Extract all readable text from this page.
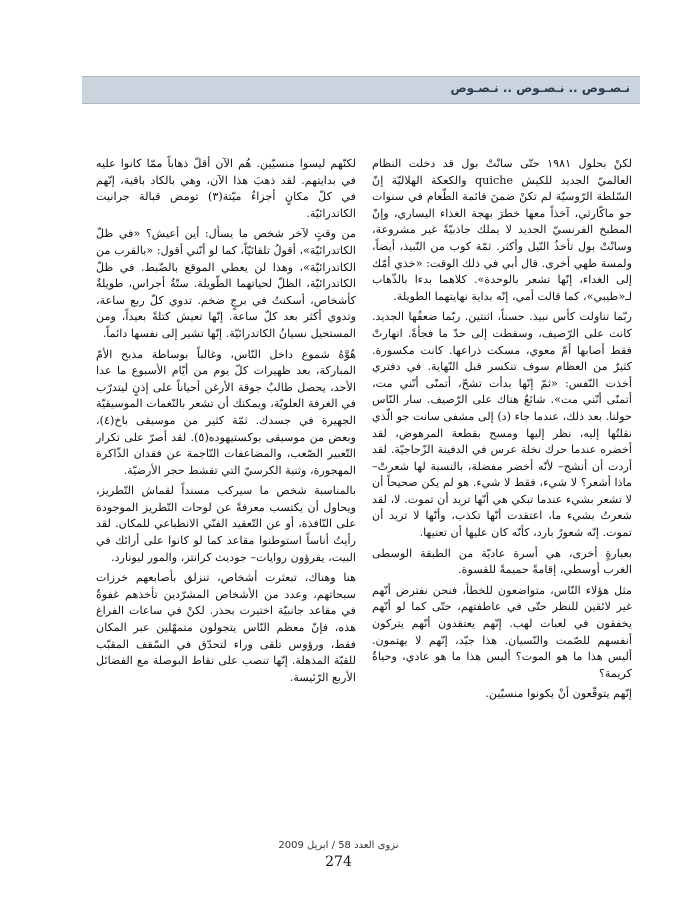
نـصـوص .. نـصـوص .. نـصـوص

لكنْ بحلول ١٩٨١ حتّى سانْتْ بول قد دخلت النظام العالميّ الجديد للكيش quiche والكعكة الهلاليّة إنّ السّلطة الرّوسيّة لم تكنْ ضمنَ قائمة الطّعام في سنوات جو ماكّارثي، آخذاً معها خطرَ بهجة الغذاء اليساري، وإنّ المطبخ الفرنسيّ الجديد لا يملك جاذبيّةً غير مشروعة، وسانْتْ بول تأخذُ النّيل وأكثر. ثمّة كوب من النّبيذ، أيضاً، ولمسة طهي أخرى. قال أبي في ذلك الوقت: «خذي أمّك إلى الغداء، إنّها تشعر بالوحدة». كلاهما بدءا بالذّهاب لـ«طيبي»، كما قالت أمي، إنّه بداية نهايتهما الطويلة.

ربّما تناولت كأس نبيذ. حسناً، اثنتين. ربّما ضعفُها الجديد. كانت على الرّصيف، وسقطت إلى حدّ ما فجأةً. انهارتْ فقط أصابها أمّ معوي، مسكت ذراعها. كانت مكسورة. كثيرٌ من العظام سوف تنكسر قبل النّهاية. في دفتري أخذت النّفس: «ثمّ إنّها بدأت تشحّ، أتمنّى أنّني مت، أتمنّى أنّني مت». شائعٌ هناك على الرّصيف. سار النّاس حولنا. بعد ذلك، عندما جاء (د) إلى مشفى سانت جو الّذي نقلتُها إليه، نظر إليها ومسح بقطعة المرهوض، لقد أخضره عندما حرك نخلة عرس في الدفينة الزّجاجيّة. لقد أردت أن أنشج– لأنّه أخضر مفضلة، بالنسبة لها شعرتْ– ماذا أشعر؟ لا شيء، فقط لا شيء. هو لم يكن صحيحاً أن لا تشعر بشيء عندما تبكي هي أنّها تريد أن تموت. لا، لقد شعرتُ بشيء ما، اعتقدت أنّها تكذب، وأنّها لا تريد أن تموت. إنّه شعورٌ بارد، كأنّه كان عليها أن تعنيها.

بعبارةٍ أخرى، هي أسرة عاديّة من الطبقة الوسطى الغرب أوسطي، إقامةً حميمةً للقسوة.

مثل هؤلاء النّاس، متواضعون للخطأ، فنحن نفترض أنّهم غير لائقين للنظر حتّى في عاطفتهم، حتّى كما لو أنّهم يخفقون في لعبات لهب. إنّهم يعتقدون أنّهم يتركون أنفسهم للصّمت والنّسيان. هذا جيّد، إنّهم لا يهتمون. أليس هذا ما هو الموت؟ أليس هذا ما هو عادي، وحياةٌ كريمة؟

إنّهم يتوقّعون أنْ يكونوا منسيّين.

لكنّهم ليسوا منسيّين. هُم الآن أقلّ ذهاباً ممّا كانوا عليه في بدايتهم. لقد ذهبَ هذا الآن، وهي بالكاد باقية، إنّهم في كلّ مكانٍ أجزاءٌ ميّتة(٣) تومض قبالة جرانيت الكاتدرائيّة.

من وقتٍ لآخر شخص ما يسأل: أين أعيش؟ «في ظلّ الكاتدرائيّة»، أقولُ تلقائيّاً، كما لو أنّني أقول: «بالقرب من الكاتدرائيّة»، وهذا لن يعطي الموقع بالضّبط. في ظلّ الكاتدرائيّة، الظلّ لحياتهما الطّويلة. ستّةُ أجراس، طويلةٌ كأشخاص، أسكنتُ في برجٍ ضخم. تدوي كلّ ربع ساعة، وتدوي أكثر بعد كلّ ساعة. إنّها تعيش كتلةً بعيداً، ومن المستحيل نسيانُ الكاتدرائيّة. إنّها تشير إلى نفسها دائماً.

هُوَّهُ شموع داخل النّاس، وغالباً بوساطة مذبح الأمّ المباركة، بعد ظهيرات كلّ يوم من أيّام الأسبوع ما عدا الأحد، يحصل طالبٌ جوقة الأرغن أحياناً على إذنٍ ليتدرّب في الغرفة العلويّة، ويمكنك أن تشعر بالنّغمات الموسيقيّة الجهيرة في جسدك. ثمّة كثير من موسيقى باخ(٤)، وبعض من موسيقى بوكستيهوده(٥). لقد أصرّ على تكرار التّعبير الصّعب، والمضاعفات النّاجمة عن فقدان الذّاكرة المهجورة، وثنية الكرسيّ التي تقشط حجر الأرضيّة.

بالمناسبة شخص ما سيركب مسنداً لقماش التّطريز، ويحاول أن يكتسب معرفةً عن لوحات التّطريز الموجودة على النّافذة، أو عن التّعقيد الفنّي الانطباعي للمكان. لقد رأيتُ أناساً استوطنوا مقاعد كما لو كانوا على أرائك في البيت، يقرؤون روايات– جوديث كرانتز، والمور ليونارد.

هنا وهناك، تبعثرت أشخاص، تنزلق بأصابعهم خرزات سبحاتهم، وعدد من الأشخاص المشرّدين تأخذهم غفوةٌ في مقاعد جانبيّة اختيرت بحذر. لكنْ في ساعات الفراغ هذه، فإنّ معظم النّاس يتجولون متمهّلين عبر المكان فقط، ورؤوس تلقى وراء لتحدّق في السّقف المقبّب للقبّة المذهلة. إنّها تنصب على نقاط البوصلة مع الفضائل الأربع الرّئيسة.

نزوى العدد 58 / ابريل 2009
274
